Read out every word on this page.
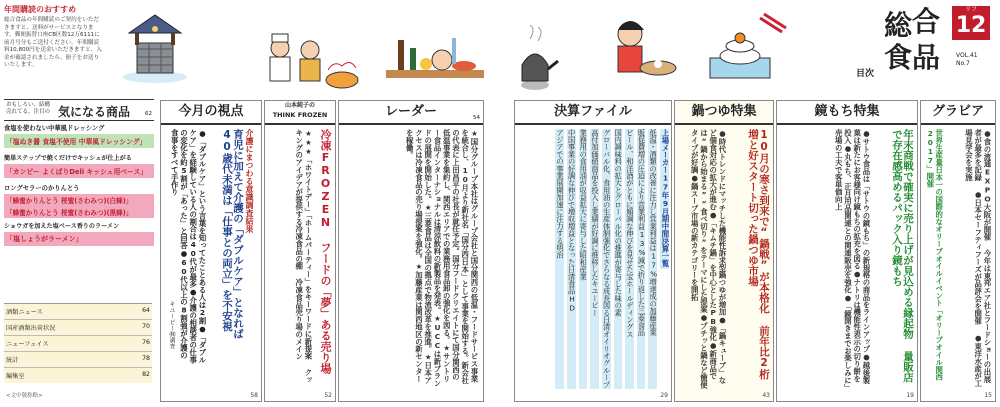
年間購読のおすすめ
総合食品の年間購読のご契約をいただきますと、送料がサービスとなります。郵便振替口座CB区数12万6111に前月号分もご送付ください。年間購読料10,800円を送金いただきますと、入金が確認されましたら、冊子をお送りいたします。
総 合
食 品
リフ
12
VOL.41
No.7
目次
おもしろい、結構
売れてる、注目の 気になる商品	62
食塩を使わない中華風ドレッシング
「塩ぬき醤 食塩不使用 中華風ドレッシング」
簡単ステップで焼くだけでキッシュが仕上がる
「カンピー よくばりDeli キッシュ用ベース」
ロングセラーのかりんとう
「蜂蜜かりんとう 桜蜜(さわみつ)(白蜂)」
「蜂蜜かりんとう 桜蜜(さわみつ)(黒蜂)」
ショウガを加えた塩ベース香りのラーメン
「塩しょうがラーメン」
酒類ニュース	64
国産酒類出荷状況	70
ニューフェイス	76
統計	78
編集室	82
<文中敬称略>
今月の視点
介護にまつわる意識調査結果
育児に加えて介護の「ダブルケア」となれば40歳代未満は「仕事との両立」を不安視
●「ダブルケア」という言葉を知ってたことある人は2割●「ダブルケア」を経験している人の割合は40代が最多●介護の相談者の仕事の変化を約5割が「あった」と回答●60代以上の8割強が介護の食事をすべて手作り
キユーピー㈱調査
58
山本純子の
THINK FROZEN
冷凍FROZEN フードの「夢」ある売り場
★★★「ホワイトデー」「ホームパーティー」をキーワードに新提案 クッキングのアイデアが提供する冷凍食品の棚 冷凍食品売り場のメイン
52
レーダー
★国分グループ本社はグループ会社と国分関西の低温・フードサービス事業を統合し、10月より新社名「国分西日本」として事業を開始する。新会社の代表に上田昌平の社長が就任予定。国分フードクリエイトにて国分関西の低温事業を集約し、関西エリアでの業務用食品卸の強化を図る。★サントリー食品インターナショナルは清涼飲料の新製品を発表。★UCCは新ブランドの展開を開始した。★三菱食品は全国の拠点で物流改革を推進。★日本アクセスは冷凍食品の売り場提案を強化。★加藤産業は関西地区の新センターを稼働。
54	決算ファイル
上場メーカー17年9月期中間決算一覧
低温・酒類の改善に注力し営業利益は17%増達成の加藤産業
販促費増の圧迫により営業利益13%減で折り返した三菱食品
ビール、和洋酒がともに順調な伸びを見せた宝ホールディングス
国内調味料の拡大とグローバル化の推進が寄与した味の素
グローバル化、食用油の生産体制強化でさらなる成長図る日清オイリオグループ
高付加価値商品を投入し業績が好調に推移したキユーピー
業務用の食用油が収益拡大に寄与した昭和産業
中国事業の好調な伸びで増収増益となった日清食品HD
アジアでの事業展開加速に注力する明治
29
鍋つゆ特集
10月の寒さ到来で“鍋戦”が本格化 前年比2桁増と好スタート切った鍋つゆ市場
●時代トレンドにマッチした機能性訴求型鍋つゆが増加●「鍋キューブ」など個食対応の拡大が進む●「キムチ鍋」を中心としたPB強化●新商品では“鍋から始まる”“食べ切り”をテーマにした提案●プチッと鍋など簡便タイプが好調●鍋スープ市場の新カテゴリーを開拓
43
鏡もち特集
年末商戦で確実に売り上げが見込める縁起物 量販店で存在感高めるパック入り鏡もち
●サトウ食品は「サトウの鏡もち」の新規格の商品をラインアップ●越後製菓は新たにお客様向け鏡もちの拡充を図る●ナトリは機能性表示の切り餅を投入●丸もち、正月用品関連との関連販売を強化●「鏡開きまでお楽しみに」売場の工夫で客単価向上
19
グラビア
●食の流通EXPO大阪が開催 今年は東邦エア社とフードショーの出展者が最多を記録 ●日本セーフティフーズが品評会を開催 ●東洋水産が工場見学会を実施
世界生産量日本一の国際的なオリーブオイルイベント「オリーブオイル関西2017」開催
15
